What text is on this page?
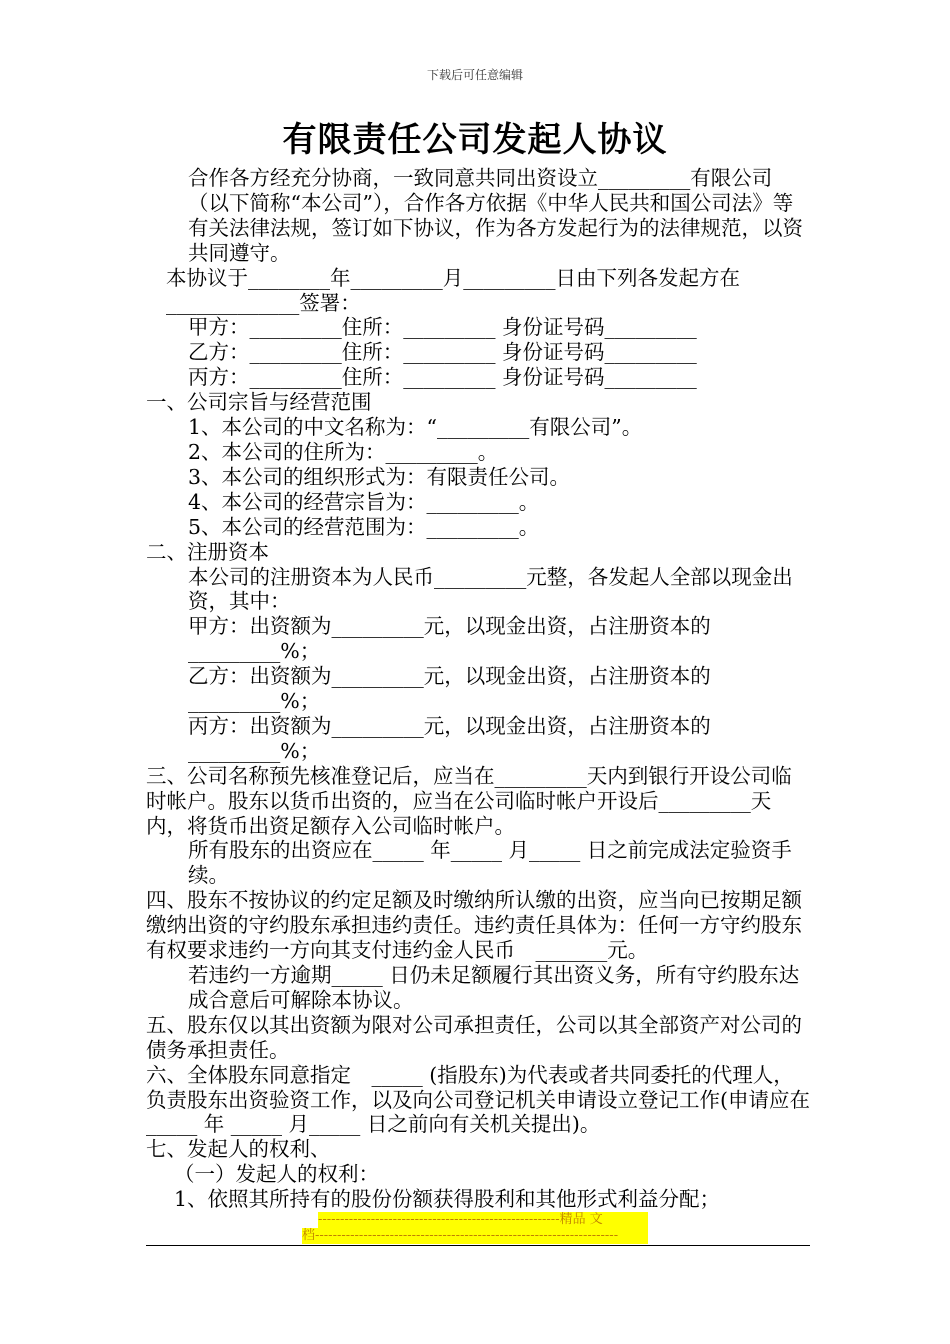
下载后可任意编辑
有限责任公司发起人协议

合作各方经充分协商，一致同意共同出资设立_________有限公司（以下简称“本公司”），合作各方依据《中华人民共和国公司法》等有关法律法规，签订如下协议，作为各方发起行为的法律规范，以资共同遵守。

本协议于________年_________月_________日由下列各发起方在_____________签署：

甲方：_________住所：_________ 身份证号码_________

乙方：_________住所：_________ 身份证号码_________

丙方：_________住所：_________ 身份证号码_________

一、公司宗旨与经营范围

1、本公司的中文名称为：“_________有限公司”。

2、本公司的住所为：_________。

3、本公司的组织形式为：有限责任公司。

4、本公司的经营宗旨为：_________。

5、本公司的经营范围为：_________。

二、注册资本

本公司的注册资本为人民币_________元整，各发起人全部以现金出资，其中：

甲方：出资额为_________元，以现金出资，占注册资本的_________%；

乙方：出资额为_________元，以现金出资，占注册资本的_________%；

丙方：出资额为_________元，以现金出资，占注册资本的_________%；

三、公司名称预先核准登记后，应当在_________天内到银行开设公司临时帐户。股东以货币出资的，应当在公司临时帐户开设后_________天内，将货币出资足额存入公司临时帐户。

所有股东的出资应在_____ 年_____ 月_____ 日之前完成法定验资手续。

四、股东不按协议的约定足额及时缴纳所认缴的出资，应当向已按期足额缴纳出资的守约股东承担违约责任。违约责任具体为：任何一方守约股东有权要求违约一方向其支付违约金人民币　_______元。

若违约一方逾期_____ 日仍未足额履行其出资义务，所有守约股东达成合意后可解除本协议。

五、股东仅以其出资额为限对公司承担责任，公司以其全部资产对公司的债务承担责任。

六、全体股东同意指定　_____ (指股东)为代表或者共同委托的代理人，负责股东出资验资工作，以及向公司登记机关申请设立登记工作(申请应在_____ 年 _____ 月_____ 日之前向有关机关提出)。

七、发起人的权利、

（一）发起人的权利：

1、依照其所持有的股份份额获得股利和其他形式利益分配；

-------------------------------------------------------精品 文
档---------------------------------------------------------------------
